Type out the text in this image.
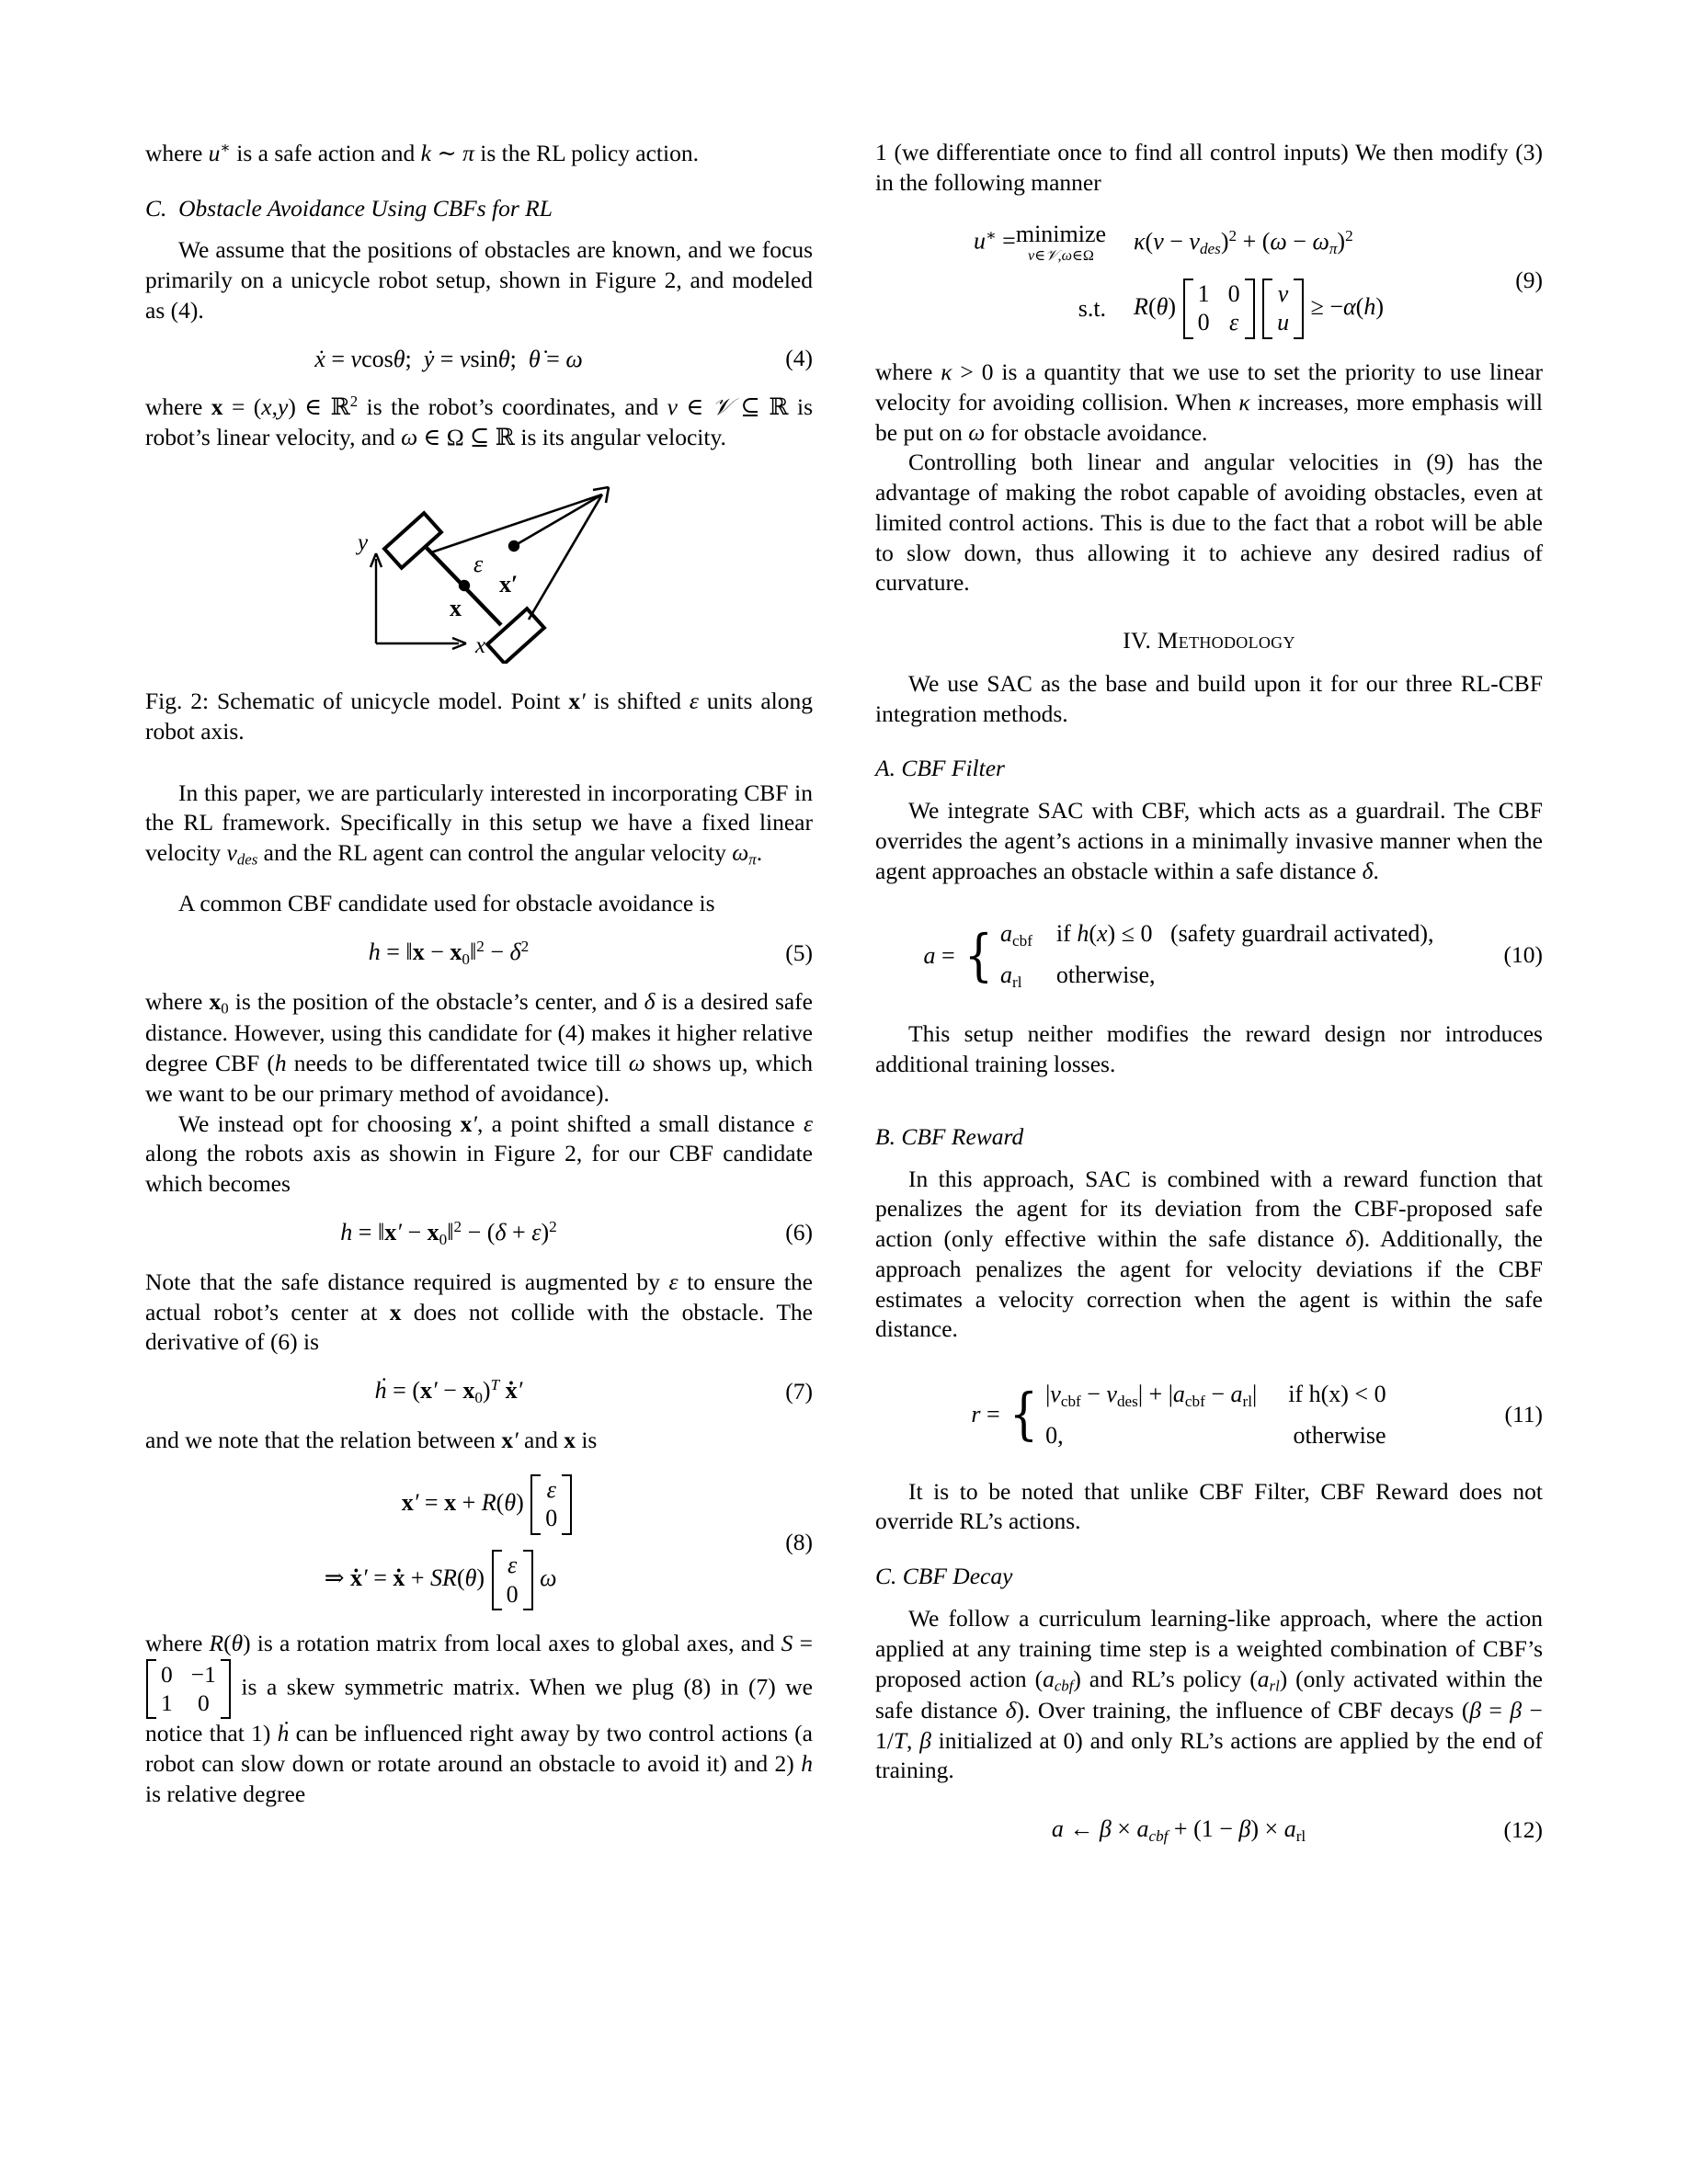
where u∗ is a safe action and k ∼ π is the RL policy action.

C.  Obstacle Avoidance Using CBFs for RL

We assume that the positions of obstacles are known, and we focus primarily on a unicycle robot setup, shown in Figure 2, and modeled as (4).

ẋ = vcosθ;  ẏ = vsinθ;  θ̇ = ω	(4)

where x = (x,y) ∈ ℝ$^2$ is the robot’s coordinates, and v ∈ 𝒱 ⊆ ℝ is robot’s linear velocity, and ω ∈ Ω ⊆ ℝ is its angular velocity.

y
x
ε
x
x′
Fig. 2: Schematic of unicycle model. Point x′ is shifted ε units along robot axis.

In this paper, we are particularly interested in incorporating CBF in the RL framework. Specifically in this setup we have a fixed linear velocity $v_{des}$ and the RL agent can control the angular velocity $\omega_\pi$.

A common CBF candidate used for obstacle avoidance is

h = ‖x − $x_0‖^2 - \delta^2$	(5)

where $x_0$ is the position of the obstacle’s center, and δ is a desired safe distance. However, using this candidate for (4) makes it higher relative degree CBF (h needs to be differentated twice till ω shows up, which we want to be our primary method of avoidance).

We instead opt for choosing x′, a point shifted a small distance ε along the robots axis as showin in Figure 2, for our CBF candidate which becomes

h = ‖x′ − $x_0‖^2 - (\delta + \varepsilon)^2$	(6)

Note that the safe distance required is augmented by ε to ensure the actual robot’s center at x does not collide with the obstacle. The derivative of (6) is

ḣ = $(x' - x_0)^T$ ẋ′	(7)

and we note that the relation between x′ and x is

x′ = x + R(θ) ε
0
⇒ ẋ′ = ẋ + SR(θ) ε
0
ω
(8)

where R(θ) is a rotation matrix from local axes to global axes, and S =
0 −1
1 0
is a skew symmetric matrix. When we plug (8) in (7) we notice that 1) ḣ can be influenced right away by two control actions (a robot can slow down or rotate around an obstacle to avoid it) and 2) h is relative degree

1 (we differentiate once to find all control inputs) We then modify (3) in the following manner

u∗ = minimize
v∈𝒱,ω∈Ω
$\kappa(v - v_{des})^2 + (\omega - \omega_\pi)^2$
s.t. R(θ) 1 0
0 ε

v
u
≥ −α(h)
(9)

where κ > 0 is a quantity that we use to set the priority to use linear velocity for avoiding collision. When κ increases, more emphasis will be put on ω for obstacle avoidance.

Controlling both linear and angular velocities in (9) has the advantage of making the robot capable of avoiding obstacles, even at limited control actions. This is due to the fact that a robot will be able to slow down, thus allowing it to achieve any desired radius of curvature.

IV. Methodology

We use SAC as the base and build upon it for our three RL-CBF integration methods.

A. CBF Filter

We integrate SAC with CBF, which acts as a guardrail. The CBF overrides the agent’s actions in a minimally invasive manner when the agent approaches an obstacle within a safe distance δ.

a = { $a_{cbf}$ if h(x) ≤ 0   (safety guardrail activated),
$a_{rl}$ otherwise,
(10)

This setup neither modifies the reward design nor introduces additional training losses.

B. CBF Reward

In this approach, SAC is combined with a reward function that penalizes the agent for its deviation from the CBF-proposed safe action (only effective within the safe distance δ). Additionally, the approach penalizes the agent for velocity deviations if the CBF estimates a velocity correction when the agent is within the safe distance.

r = { $|v_{cbf} - v_{des}| + |a_{cbf} - a_{rl}|$ if h(x) < 0
0,	otherwise
(11)

It is to be noted that unlike CBF Filter, CBF Reward does not override RL’s actions.

C. CBF Decay

We follow a curriculum learning-like approach, where the action applied at any training time step is a weighted combination of CBF’s proposed action $(a_{cbf})$ and RL’s policy $(a_{rl})$ (only activated within the safe distance δ). Over training, the influence of CBF decays (β = β − 1/T, β initialized at 0) and only RL’s actions are applied by the end of training.

a ← $\beta \times a_{cbf} + (1 - \beta) \times a_{rl}$	(12)
